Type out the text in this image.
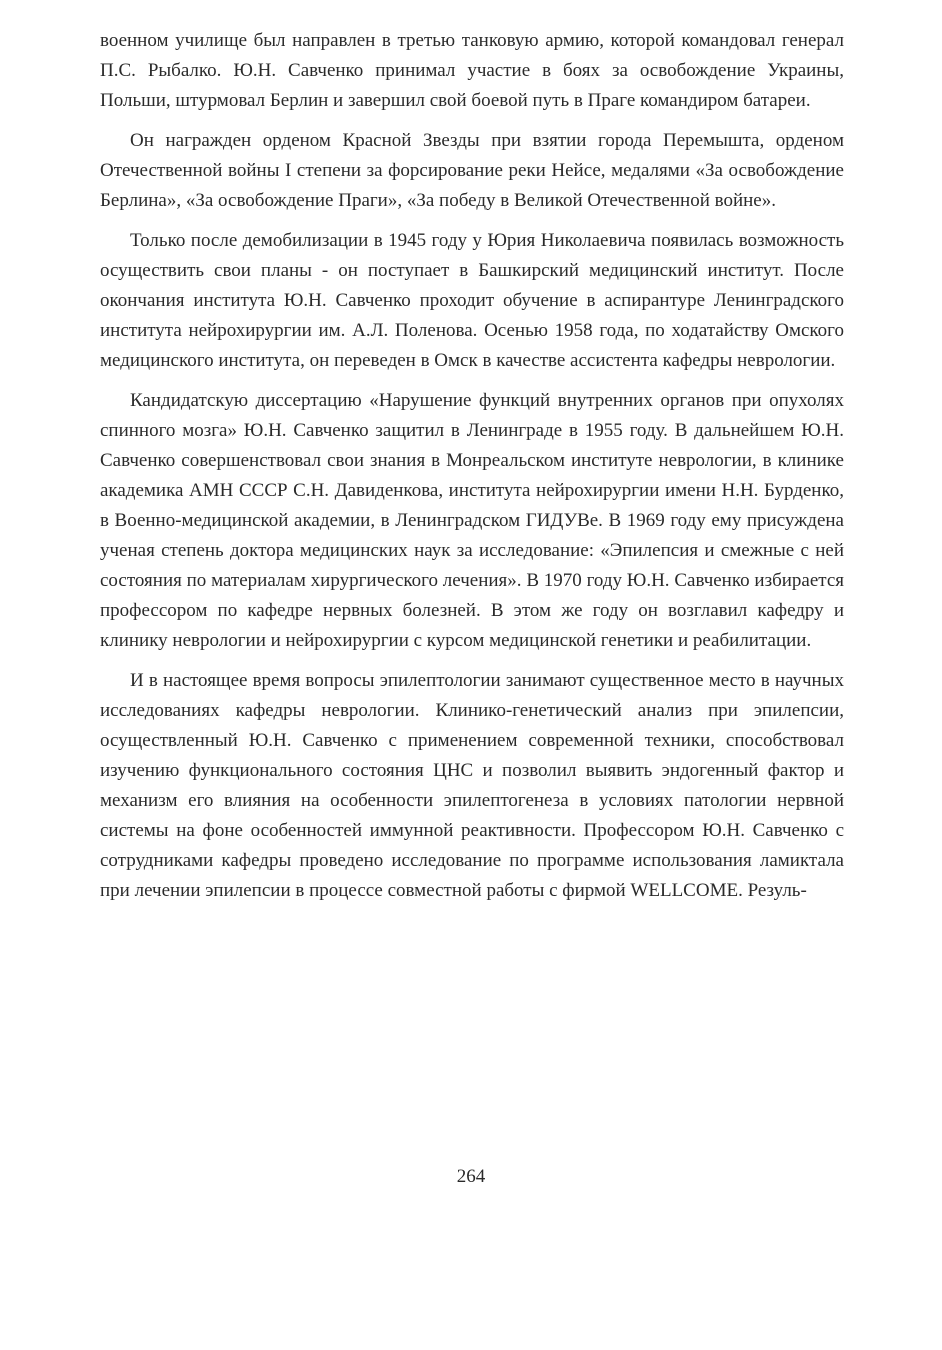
военном училище был направлен в третью танковую армию, которой командовал генерал П.С. Рыбалко. Ю.Н. Савченко принимал участие в боях за освобождение Украины, Польши, штурмовал Берлин и завершил свой боевой путь в Праге командиром батареи.

Он награжден орденом Красной Звезды при взятии города Перемышта, орденом Отечественной войны I степени за форсирование реки Нейсе, медалями «За освобождение Берлина», «За освобождение Праги», «За победу в Великой Отечественной войне».

Только после демобилизации в 1945 году у Юрия Николаевича появилась возможность осуществить свои планы - он поступает в Башкирский медицинский институт. После окончания института Ю.Н. Савченко проходит обучение в аспирантуре Ленинградского института нейрохирургии им. А.Л. Поленова. Осенью 1958 года, по ходатайству Омского медицинского института, он переведен в Омск в качестве ассистента кафедры неврологии.

Кандидатскую диссертацию «Нарушение функций внутренних органов при опухолях спинного мозга» Ю.Н. Савченко защитил в Ленинграде в 1955 году. В дальнейшем Ю.Н. Савченко совершенствовал свои знания в Монреальском институте неврологии, в клинике академика АМН СССР С.Н. Давиденкова, института нейрохирургии имени Н.Н. Бурденко, в Военно-медицинской академии, в Ленинградском ГИДУВе. В 1969 году ему присуждена ученая степень доктора медицинских наук за исследование: «Эпилепсия и смежные с ней состояния по материалам хирургического лечения». В 1970 году Ю.Н. Савченко избирается профессором по кафедре нервных болезней. В этом же году он возглавил кафедру и клинику неврологии и нейрохирургии с курсом медицинской генетики и реабилитации.

И в настоящее время вопросы эпилептологии занимают существенное место в научных исследованиях кафедры неврологии. Клинико-генетический анализ при эпилепсии, осуществленный Ю.Н. Савченко с применением современной техники, способствовал изучению функционального состояния ЦНС и позволил выявить эндогенный фактор и механизм его влияния на особенности эпилептогенеза в условиях патологии нервной системы на фоне особенностей иммунной реактивности. Профессором Ю.Н. Савченко с сотрудниками кафедры проведено исследование по программе использования ламиктала при лечении эпилепсии в процессе совместной работы с фирмой WELLCOME. Резуль-

264
